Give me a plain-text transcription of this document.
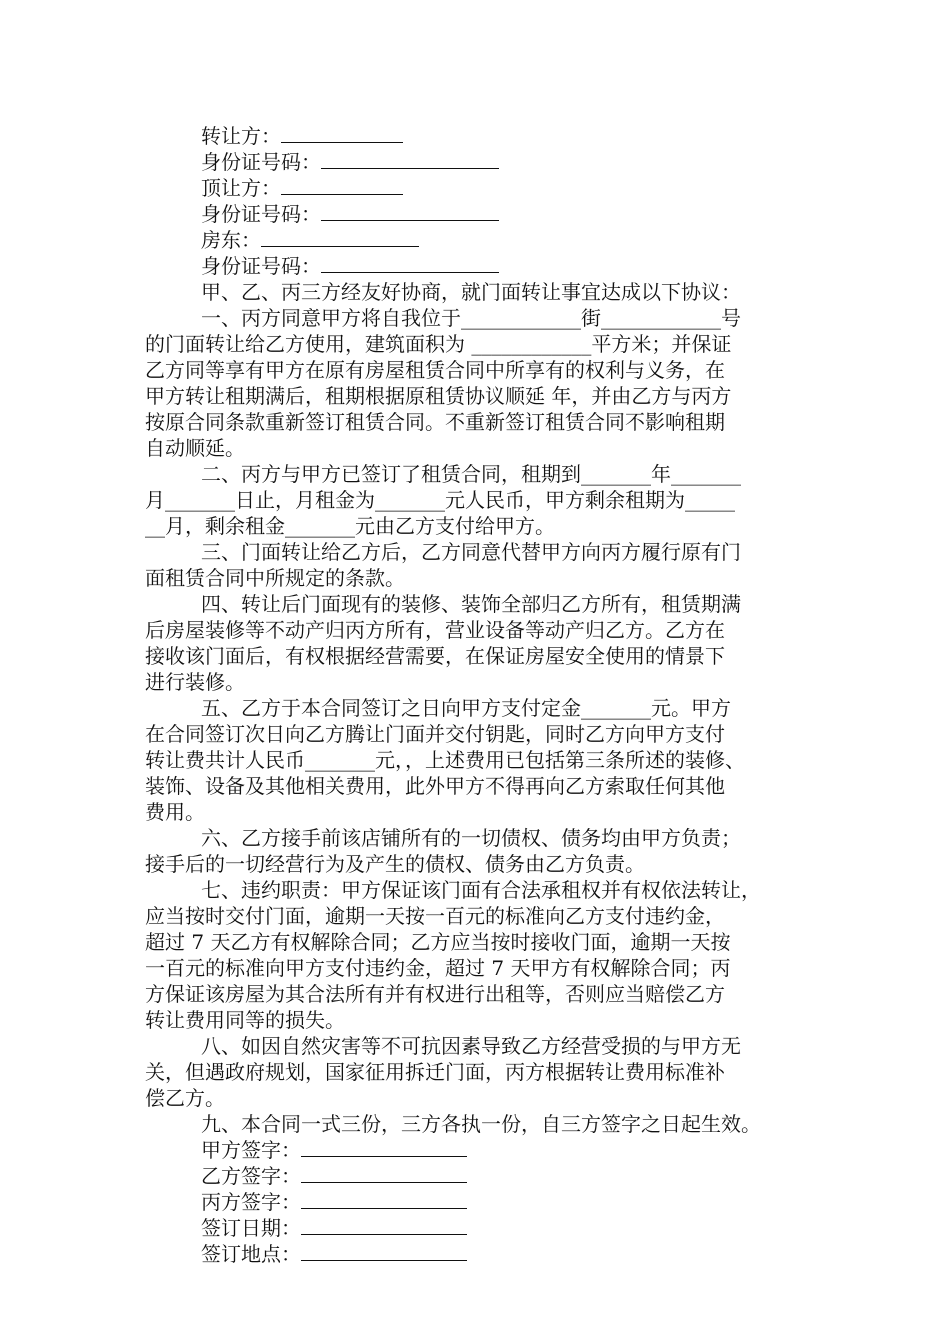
转让方：
身份证号码：
顶让方：
身份证号码：
房东：
身份证号码：
甲、乙、丙三方经友好协商，就门面转让事宜达成以下协议：
一、丙方同意甲方将自我位于____________街____________号
的门面转让给乙方使用，建筑面积为 ____________平方米；并保证
乙方同等享有甲方在原有房屋租赁合同中所享有的权利与义务，在
甲方转让租期满后，租期根据原租赁协议顺延 年，并由乙方与丙方
按原合同条款重新签订租赁合同。不重新签订租赁合同不影响租期
自动顺延。
二、丙方与甲方已签订了租赁合同，租期到_______年_______
月_______日止，月租金为_______元人民币，甲方剩余租期为_____
__月，剩余租金_______元由乙方支付给甲方。
三、门面转让给乙方后，乙方同意代替甲方向丙方履行原有门
面租赁合同中所规定的条款。
四、转让后门面现有的装修、装饰全部归乙方所有，租赁期满
后房屋装修等不动产归丙方所有，营业设备等动产归乙方。乙方在
接收该门面后，有权根据经营需要，在保证房屋安全使用的情景下
进行装修。
五、乙方于本合同签订之日向甲方支付定金_______元。甲方
在合同签订次日向乙方腾让门面并交付钥匙，同时乙方向甲方支付
转让费共计人民币_______元，，上述费用已包括第三条所述的装修、
装饰、设备及其他相关费用，此外甲方不得再向乙方索取任何其他
费用。
六、乙方接手前该店铺所有的一切债权、债务均由甲方负责；
接手后的一切经营行为及产生的债权、债务由乙方负责。
七、违约职责：甲方保证该门面有合法承租权并有权依法转让，
应当按时交付门面，逾期一天按一百元的标准向乙方支付违约金，
超过 7 天乙方有权解除合同；乙方应当按时接收门面，逾期一天按
一百元的标准向甲方支付违约金，超过 7 天甲方有权解除合同；丙
方保证该房屋为其合法所有并有权进行出租等，否则应当赔偿乙方
转让费用同等的损失。
八、如因自然灾害等不可抗因素导致乙方经营受损的与甲方无
关，但遇政府规划，国家征用拆迁门面，丙方根据转让费用标准补
偿乙方。
九、本合同一式三份，三方各执一份，自三方签字之日起生效。
甲方签字：
乙方签字：
丙方签字：
签订日期：
签订地点：
